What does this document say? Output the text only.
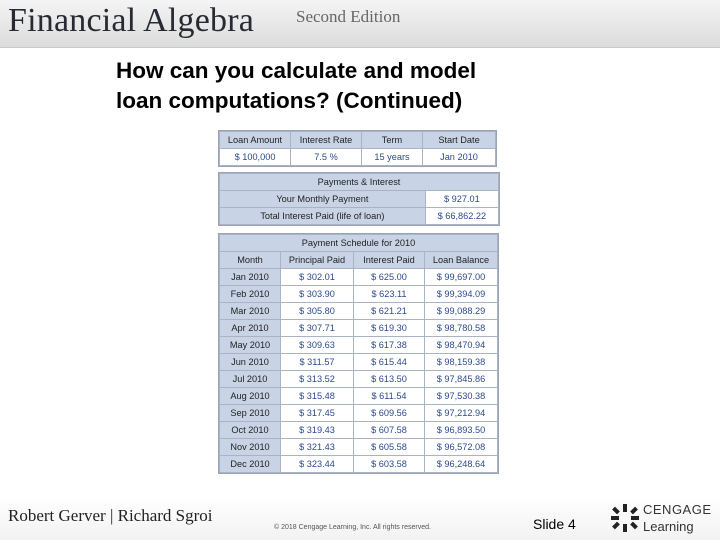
Financial Algebra Second Edition
How can you calculate and model
loan computations? (Continued)
Loan Amount	Interest Rate	Term	Start Date
$ 100,000	7.5 %	15 years	Jan 2010
Payments & Interest	
Your Monthly Payment	$ 927.01
Total Interest Paid (life of loan)	$ 66,862.22
Payment Schedule for 2010			
Month	Principal Paid	Interest Paid	Loan Balance
Jan 2010	$ 302.01	$ 625.00	$ 99,697.00
Feb 2010	$ 303.90	$ 623.11	$ 99,394.09
Mar 2010	$ 305.80	$ 621.21	$ 99,088.29
Apr 2010	$ 307.71	$ 619.30	$ 98,780.58
May 2010	$ 309.63	$ 617.38	$ 98,470.94
Jun 2010	$ 311.57	$ 615.44	$ 98,159.38
Jul 2010	$ 313.52	$ 613.50	$ 97,845.86
Aug 2010	$ 315.48	$ 611.54	$ 97,530.38
Sep 2010	$ 317.45	$ 609.56	$ 97,212.94
Oct 2010	$ 319.43	$ 607.58	$ 96,893.50
Nov 2010	$ 321.43	$ 605.58	$ 96,572.08
Dec 2010	$ 323.44	$ 603.58	$ 96,248.64
Robert Gerver | Richard Sgroi
© 2018 Cengage Learning, Inc. All rights reserved.	Slide 4
CENGAGE
Learning
